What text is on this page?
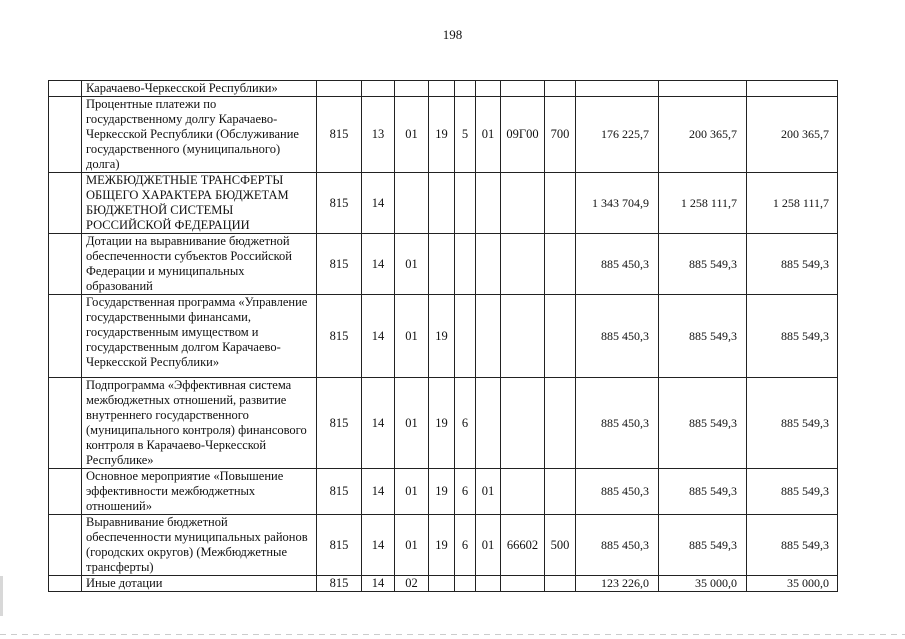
198
	Карачаево-Черкесской Республики»											
	Процентные платежи по государственному долгу Карачаево-Черкесской Республики (Обслуживание государственного (муниципального) долга)	815	13	01	19	5	01	09Г00	700	176 225,7	200 365,7	200 365,7
	МЕЖБЮДЖЕТНЫЕ ТРАНСФЕРТЫ ОБЩЕГО ХАРАКТЕРА БЮДЖЕТАМ БЮДЖЕТНОЙ СИСТЕМЫ РОССИЙСКОЙ ФЕДЕРАЦИИ	815	14							1 343 704,9	1 258 111,7	1 258 111,7
	Дотации на выравнивание бюджетной обеспеченности субъектов Российской Федерации и муниципальных образований	815	14	01						885 450,3	885 549,3	885 549,3
	Государственная программа «Управление государственными финансами, государственным имуществом и государственным долгом Карачаево-Черкесской Республики»	815	14	01	19					885 450,3	885 549,3	885 549,3
	Подпрограмма «Эффективная система межбюджетных отношений, развитие внутреннего государственного (муниципального контроля) финансового контроля в Карачаево-Черкесской Республике»	815	14	01	19	6				885 450,3	885 549,3	885 549,3
	Основное мероприятие «Повышение эффективности межбюджетных отношений»	815	14	01	19	6	01			885 450,3	885 549,3	885 549,3
	Выравнивание бюджетной обеспеченности муниципальных районов (городских округов) (Межбюджетные трансферты)	815	14	01	19	6	01	66602	500	885 450,3	885 549,3	885 549,3
	Иные дотации	815	14	02						123 226,0	35 000,0	35 000,0
